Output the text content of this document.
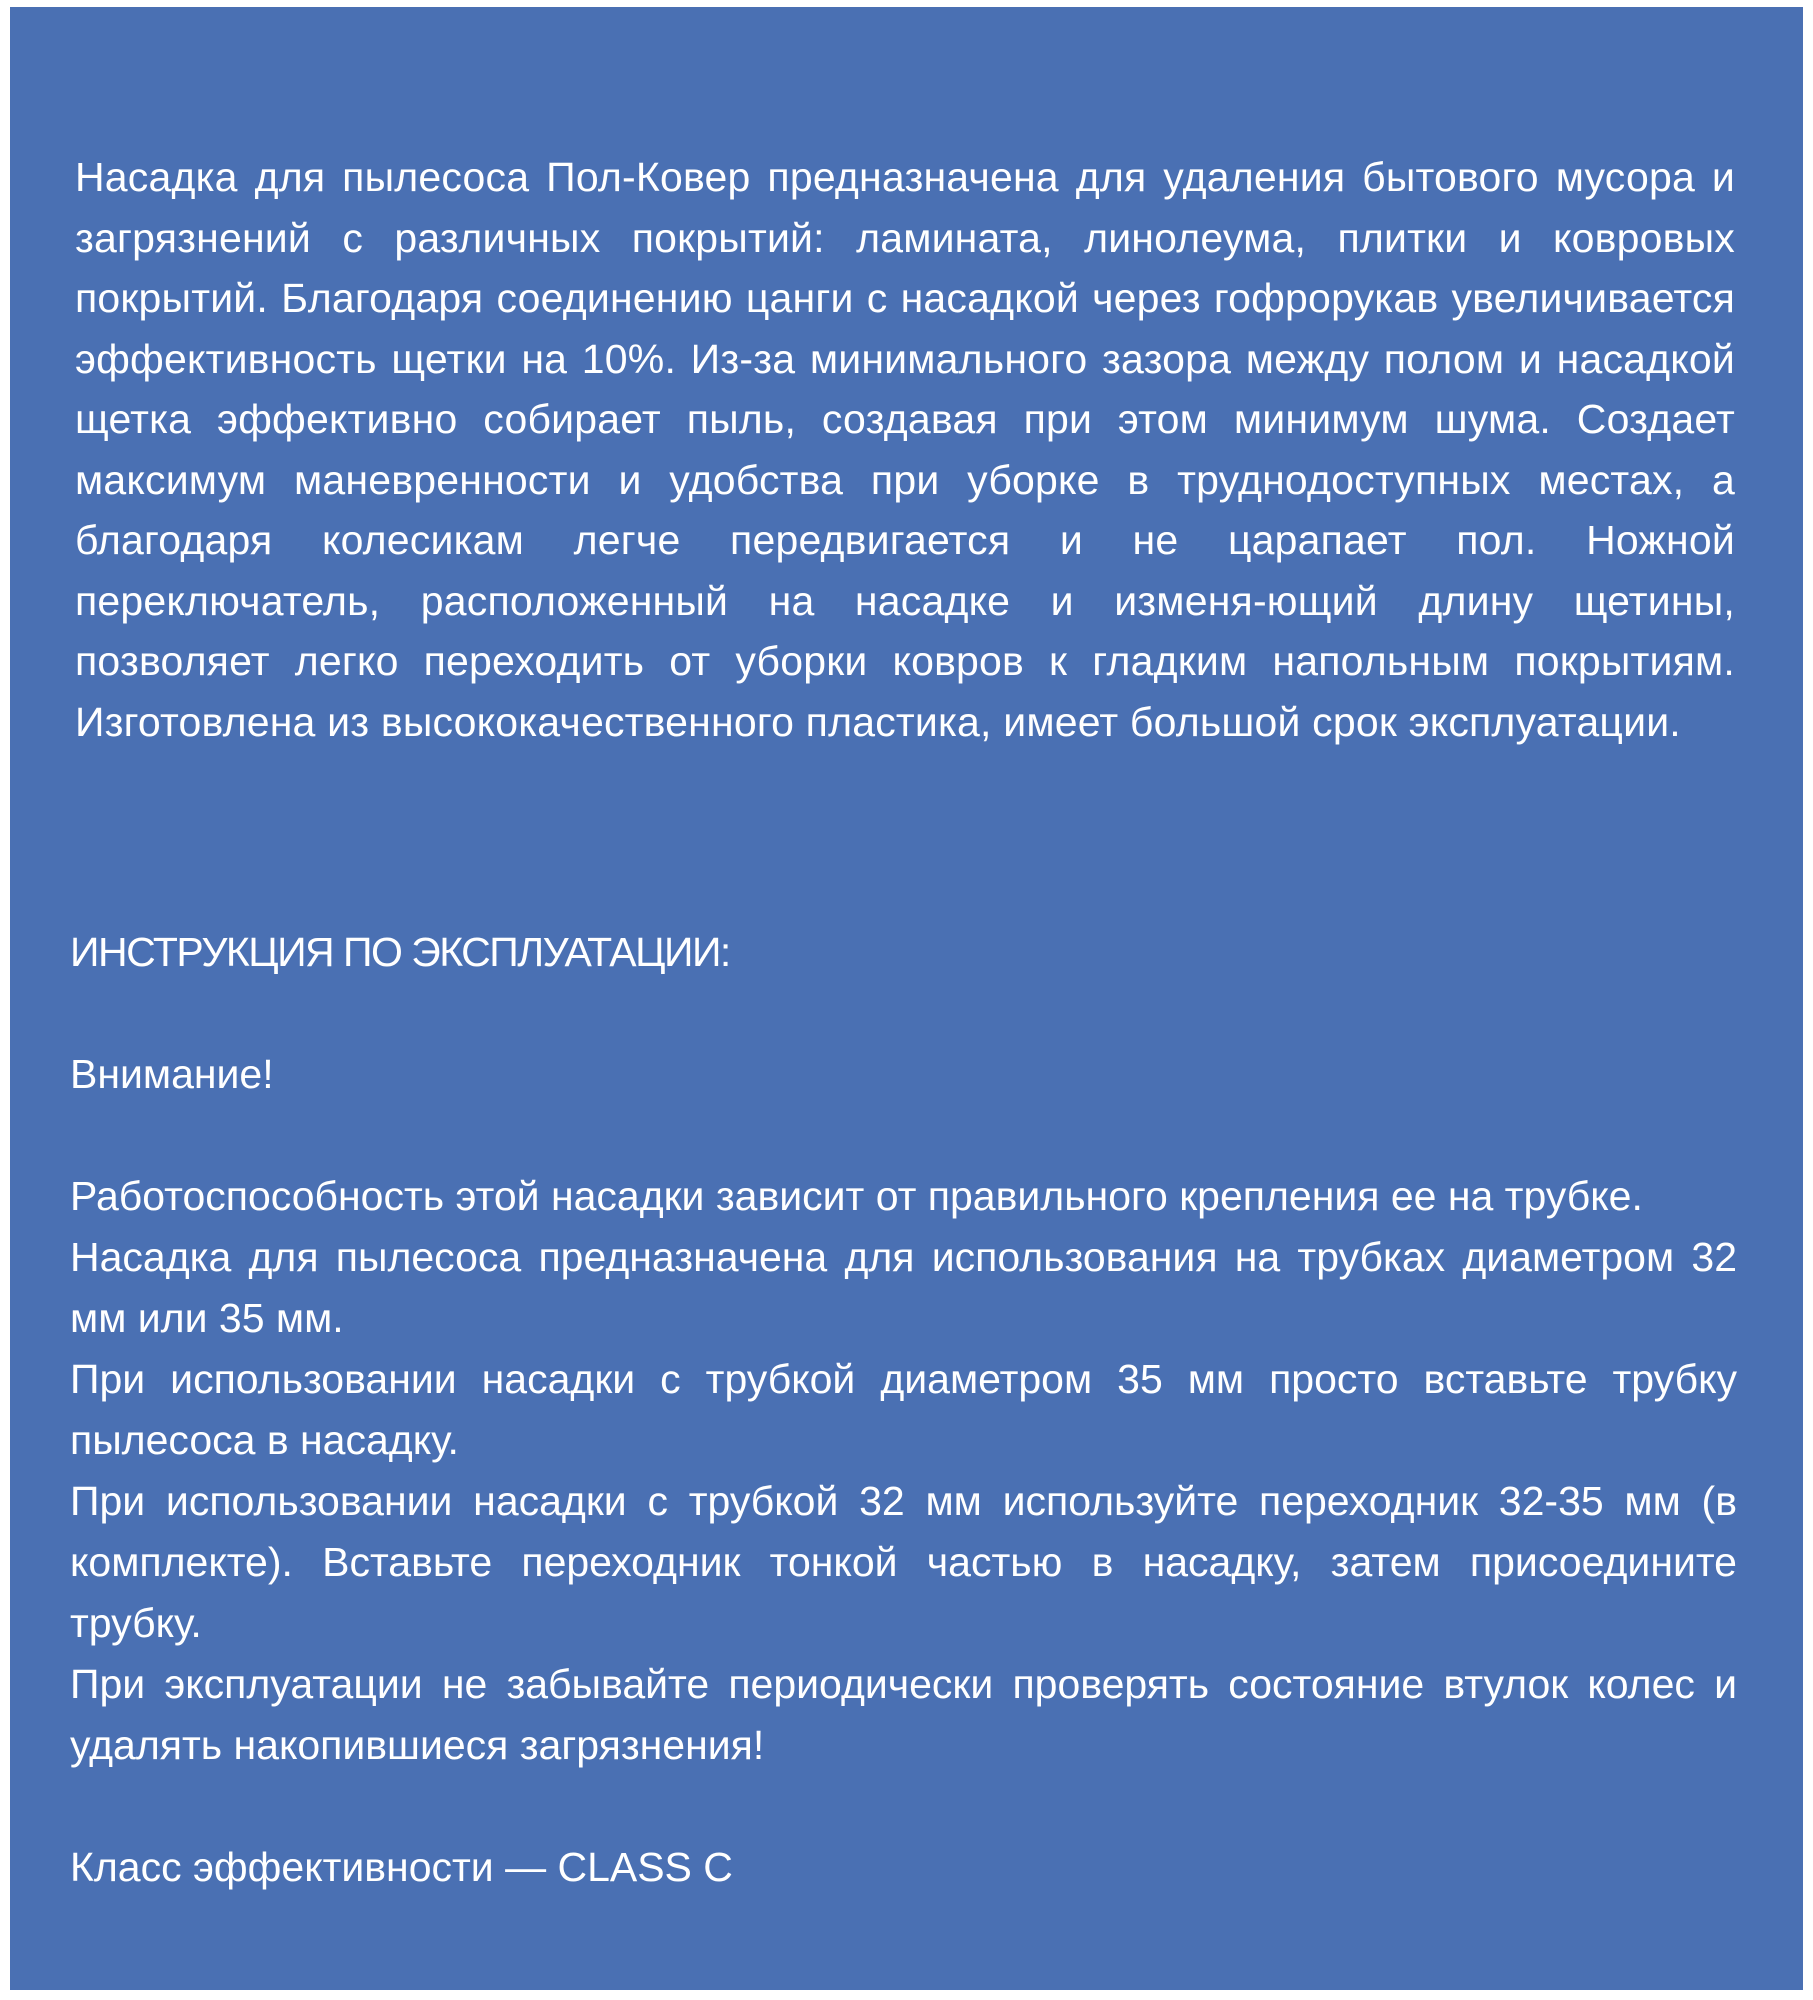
Насадка для пылесоса Пол-Ковер предназначена для удаления бытового мусора и загрязнений с различных покрытий: ламината, линолеума, плитки и ковровых покрытий. Благодаря соединению цанги с насадкой через гофрорукав увеличивается эффективность щетки на 10%. Из-за минимального зазора между полом и насадкой щетка эффективно собирает пыль, создавая при этом минимум шума. Создает максимум маневренности и удобства при уборке в труднодоступных местах, а благодаря колесикам легче передвигается и не царапает пол. Ножной переключатель, расположенный на насадке и изменя-ющий длину щетины, позволяет легко переходить от уборки ковров к гладким напольным покрытиям. Изготовлена из высококачественного пластика, имеет большой срок эксплуатации.

ИНСТРУКЦИЯ ПО ЭКСПЛУАТАЦИИ:

Внимание!

Работоспособность этой насадки зависит от правильного крепления ее на трубке.

Насадка для пылесоса предназначена для использования на трубках диаметром 32 мм или 35 мм.

При использовании насадки с трубкой диаметром 35 мм просто вставьте трубку пылесоса в насадку.

При использовании насадки с трубкой 32 мм используйте переходник 32-35 мм (в комплекте). Вставьте переходник тонкой частью в насадку, затем присоедините трубку.

При эксплуатации не забывайте периодически проверять состояние втулок колес и удалять накопившиеся загрязнения!

Класс эффективности — CLASS C
